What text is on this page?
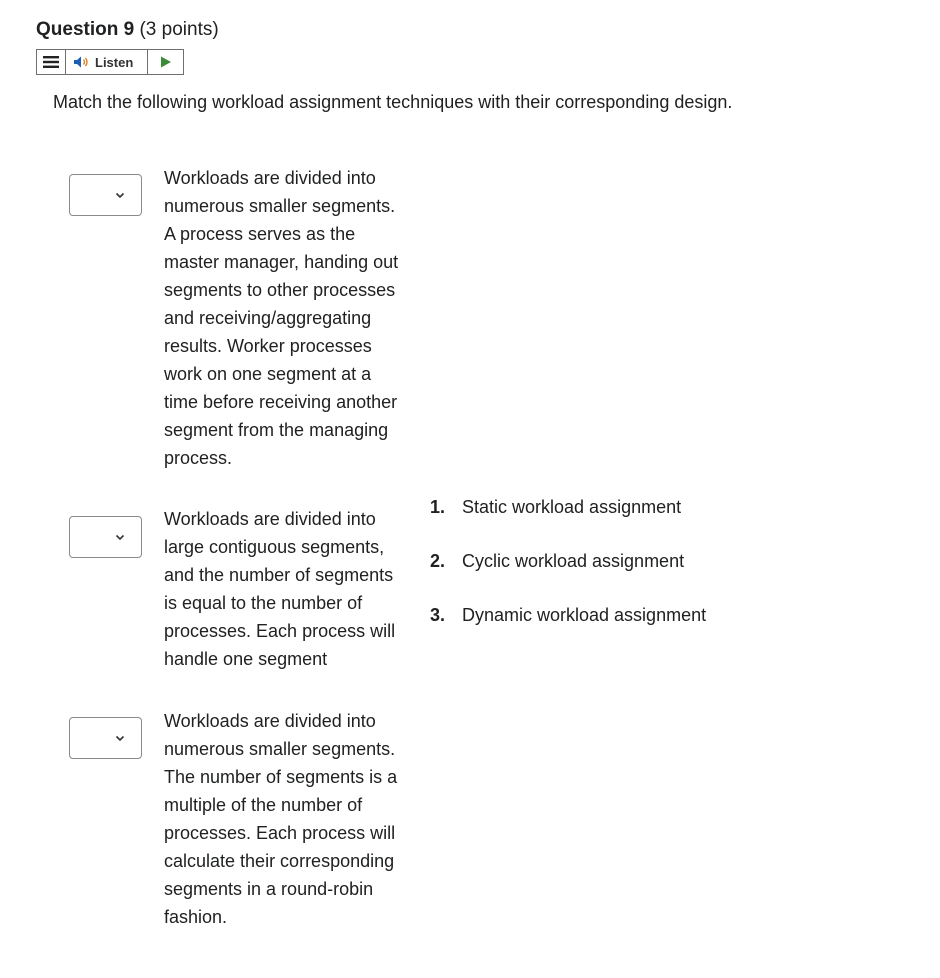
Question 9 (3 points)
Listen
Match the following workload assignment techniques with their corresponding design.
Workloads are divided into numerous smaller segments. A process serves as the master manager, handing out segments to other processes and receiving/aggregating results. Worker processes work on one segment at a time before receiving another segment from the managing process.
Workloads are divided into large contiguous segments, and the number of segments is equal to the number of processes. Each process will handle one segment
Workloads are divided into numerous smaller segments. The number of segments is a multiple of the number of processes. Each process will calculate their corresponding segments in a round-robin fashion.
1. Static workload assignment
2. Cyclic workload assignment
3. Dynamic workload assignment
